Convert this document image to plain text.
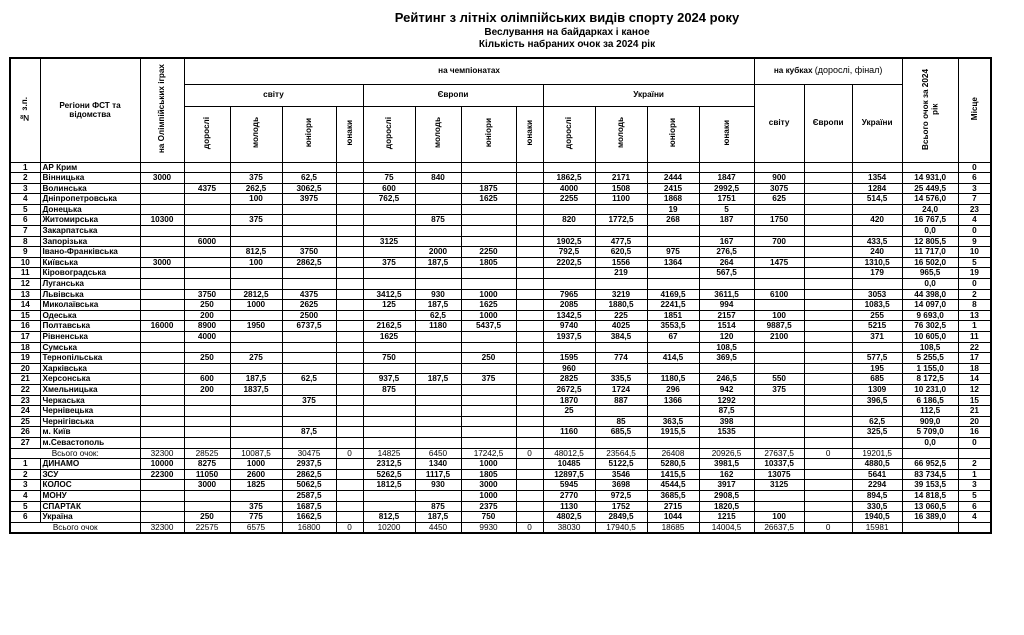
Рейтинг з літніх олімпійських видів спорту 2024 року
Веслування на байдарках і каное
Кількість набраних очок за 2024 рік
№ з.п.	Регіони ФСТ та відомства	на Олімпійських іграх	на чемпіонатах												на кубках (дорослі, фінал)			Всього очок за 2024 рік	Місце
			світу				Європи				України				світу	Європи	України		
			дорослі	молодь	юніори	юнаки	дорослі	молодь	юніори	юнаки	дорослі	молодь	юніори	юнаки					
1	АР Крим																		0
2	Вінницька	3000		375	62,5		75	840			1862,5	2171	2444	1847	900		1354	14 931,0	6
3	Волинська		4375	262,5	3062,5		600		1875		4000	1508	2415	2992,5	3075		1284	25 449,5	3
4	Дніпропетровська			100	3975		762,5		1625		2255	1100	1868	1751	625		514,5	14 576,0	7
5	Донецька												19	5				24,0	23
6	Житомирська	10300		375				875			820	1772,5	268	187	1750		420	16 767,5	4
7	Закарпатська																	0,0	0
8	Запорізька		6000				3125				1902,5	477,5		167	700		433,5	12 805,5	9
9	Івано-Франківська			812,5	3750			2000	2250		792,5	620,5	975	276,5			240	11 717,0	10
10	Київська	3000		100	2862,5		375	187,5	1805		2202,5	1556	1364	264	1475		1310,5	16 502,0	5
11	Кіровоградська											219		567,5			179	965,5	19
12	Луганська																	0,0	0
13	Львівська		3750	2812,5	4375		3412,5	930	1000		7965	3219	4169,5	3611,5	6100		3053	44 398,0	2
14	Миколаївська		250	1000	2625		125	187,5	1625		2085	1880,5	2241,5	994			1083,5	14 097,0	8
15	Одеська		200		2500			62,5	1000		1342,5	225	1851	2157	100		255	9 693,0	13
16	Полтавська	16000	8900	1950	6737,5		2162,5	1180	5437,5		9740	4025	3553,5	1514	9887,5		5215	76 302,5	1
17	Рівненська		4000				1625				1937,5	384,5	67	120	2100		371	10 605,0	11
18	Сумська													108,5				108,5	22
19	Тернопільська		250	275			750		250		1595	774	414,5	369,5			577,5	5 255,5	17
20	Харківська										960						195	1 155,0	18
21	Херсонська		600	187,5	62,5		937,5	187,5	375		2825	335,5	1180,5	246,5	550		685	8 172,5	14
22	Хмельницька		200	1837,5			875				2672,5	1724	296	942	375		1309	10 231,0	12
23	Черкаська				375						1870	887	1366	1292			396,5	6 186,5	15
24	Чернівецька										25			87,5				112,5	21
25	Чернігівська											85	363,5	398			62,5	909,0	20
26	м. Київ				87,5						1160	685,5	1915,5	1535			325,5	5 709,0	16
27	м.Севастополь																	0,0	0
Всього очок:		32300	28525	10087,5	30475	0	14825	6450	17242,5	0	48012,5	23564,5	26408	20926,5	27637,5	0	19201,5		
1	ДИНАМО	10000	8275	1000	2937,5		2312,5	1340	1000		10485	5122,5	5280,5	3981,5	10337,5		4880,5	66 952,5	2
2	ЗСУ	22300	11050	2600	2862,5		5262,5	1117,5	1805		12897,5	3546	1415,5	162	13075		5641	83 734,5	1
3	КОЛОС		3000	1825	5062,5		1812,5	930	3000		5945	3698	4544,5	3917	3125		2294	39 153,5	3
4	МОНУ				2587,5				1000		2770	972,5	3685,5	2908,5			894,5	14 818,5	5
5	СПАРТАК			375	1687,5			875	2375		1130	1752	2715	1820,5			330,5	13 060,5	6
6	Україна		250	775	1662,5		812,5	187,5	750		4802,5	2849,5	1044	1215	100		1940,5	16 389,0	4
Всього очок		32300	22575	6575	16800	0	10200	4450	9930	0	38030	17940,5	18685	14004,5	26637,5	0	15981		
